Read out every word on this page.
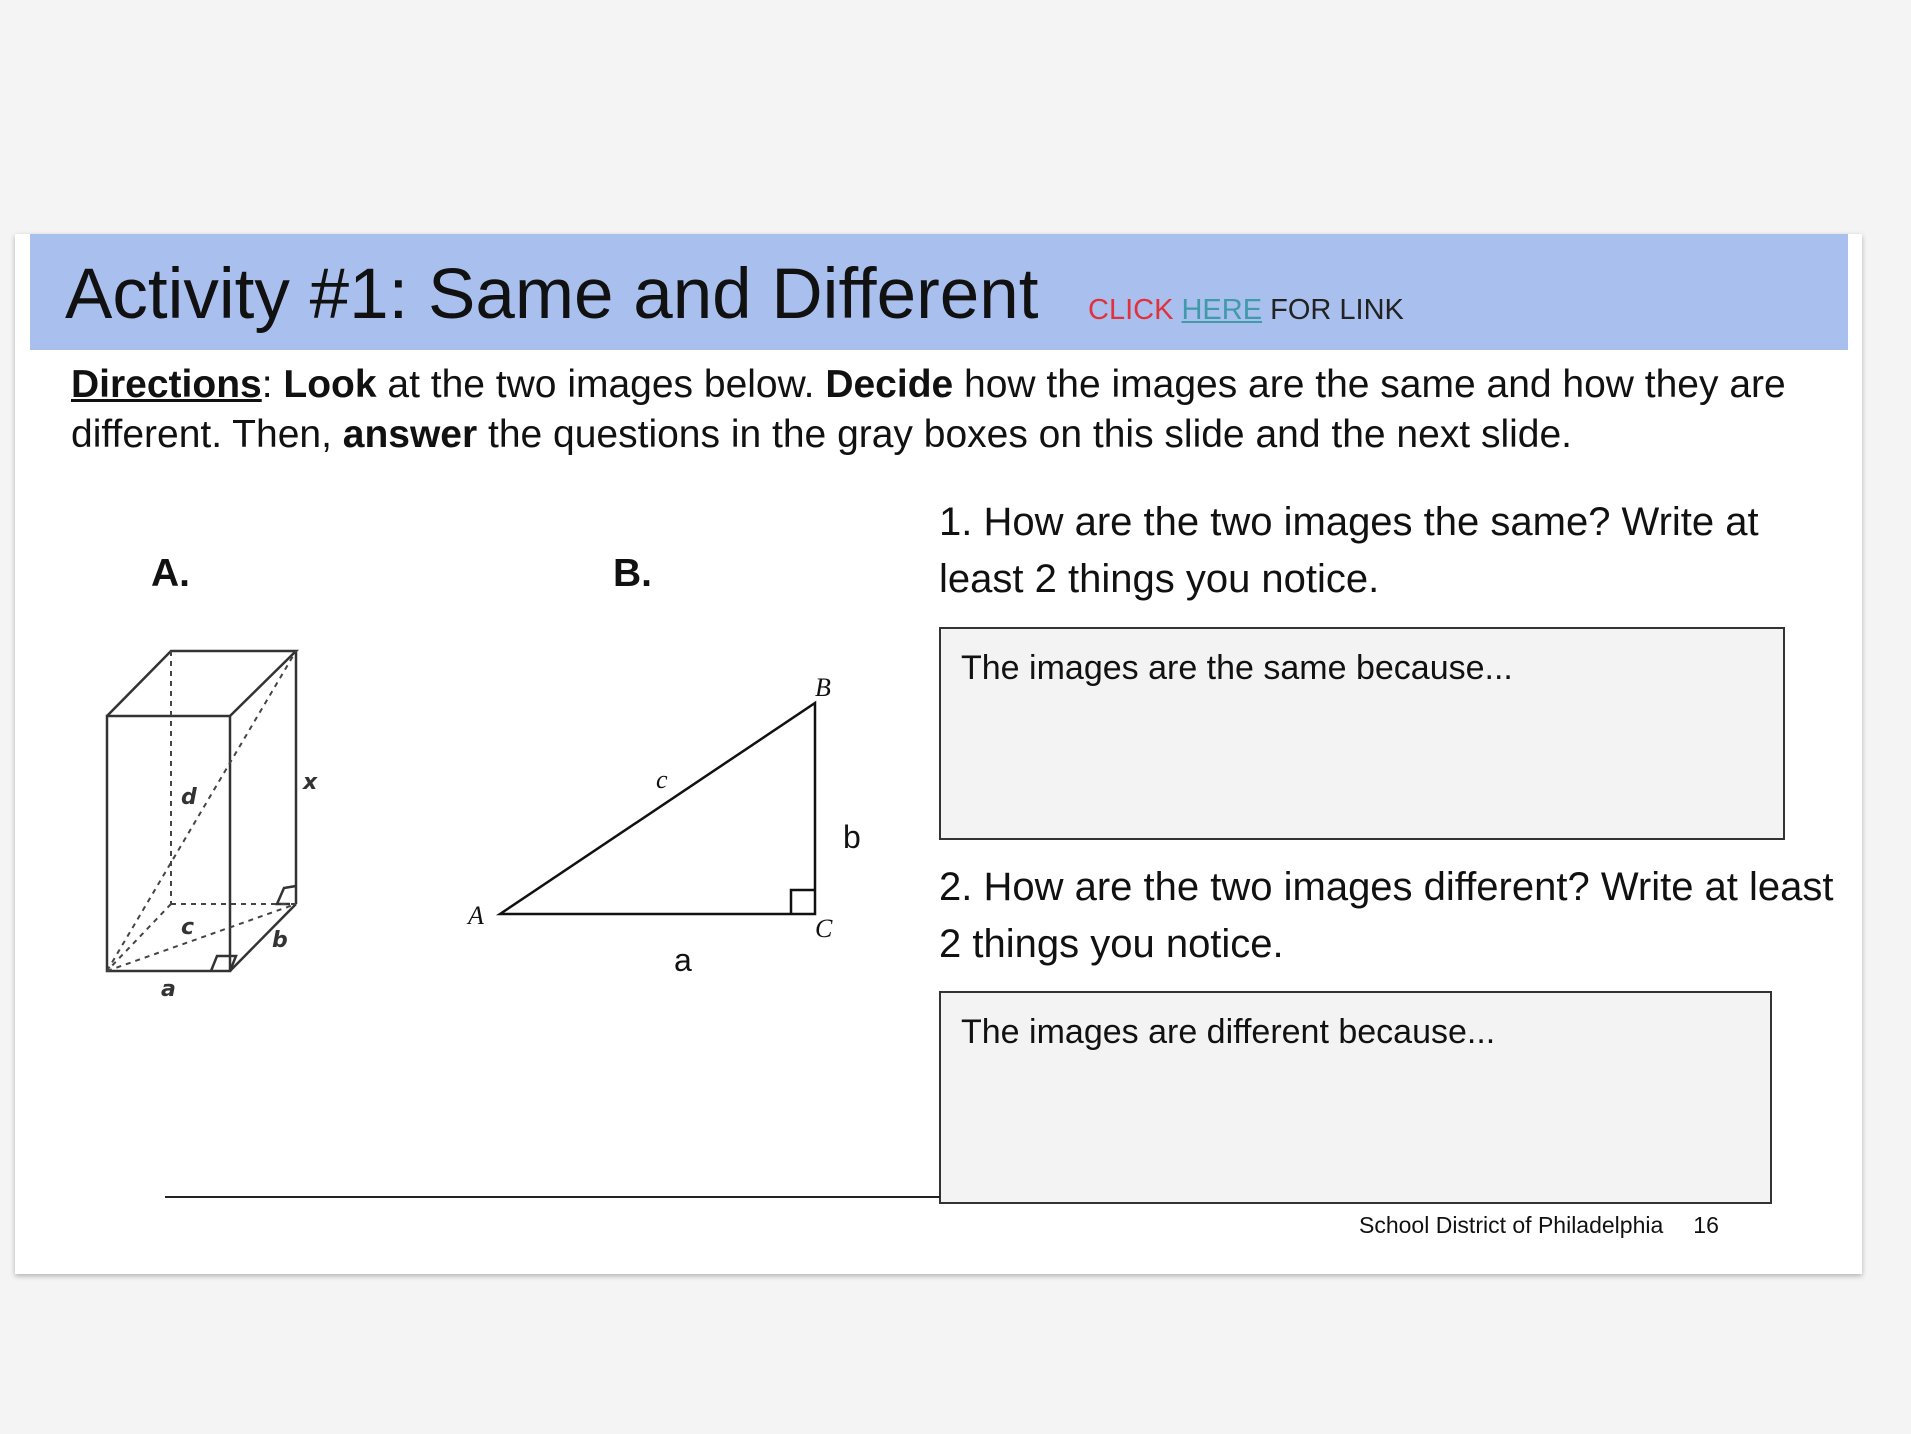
Activity #1: Same and Different CLICK HERE FOR LINK

Directions: Look at the two images below. Decide how the images are the same and how they are different. Then, answer the questions in the gray boxes on this slide and the next slide.

A.	B.
d
x
c
b
a
A
B
C
c
b
a

1. How are the two images the same? Write at least 2 things you notice.

The images are the same because...

2. How are the two images different? Write at least 2 things you notice.

The images are different because...
School District of Philadelphia 16
